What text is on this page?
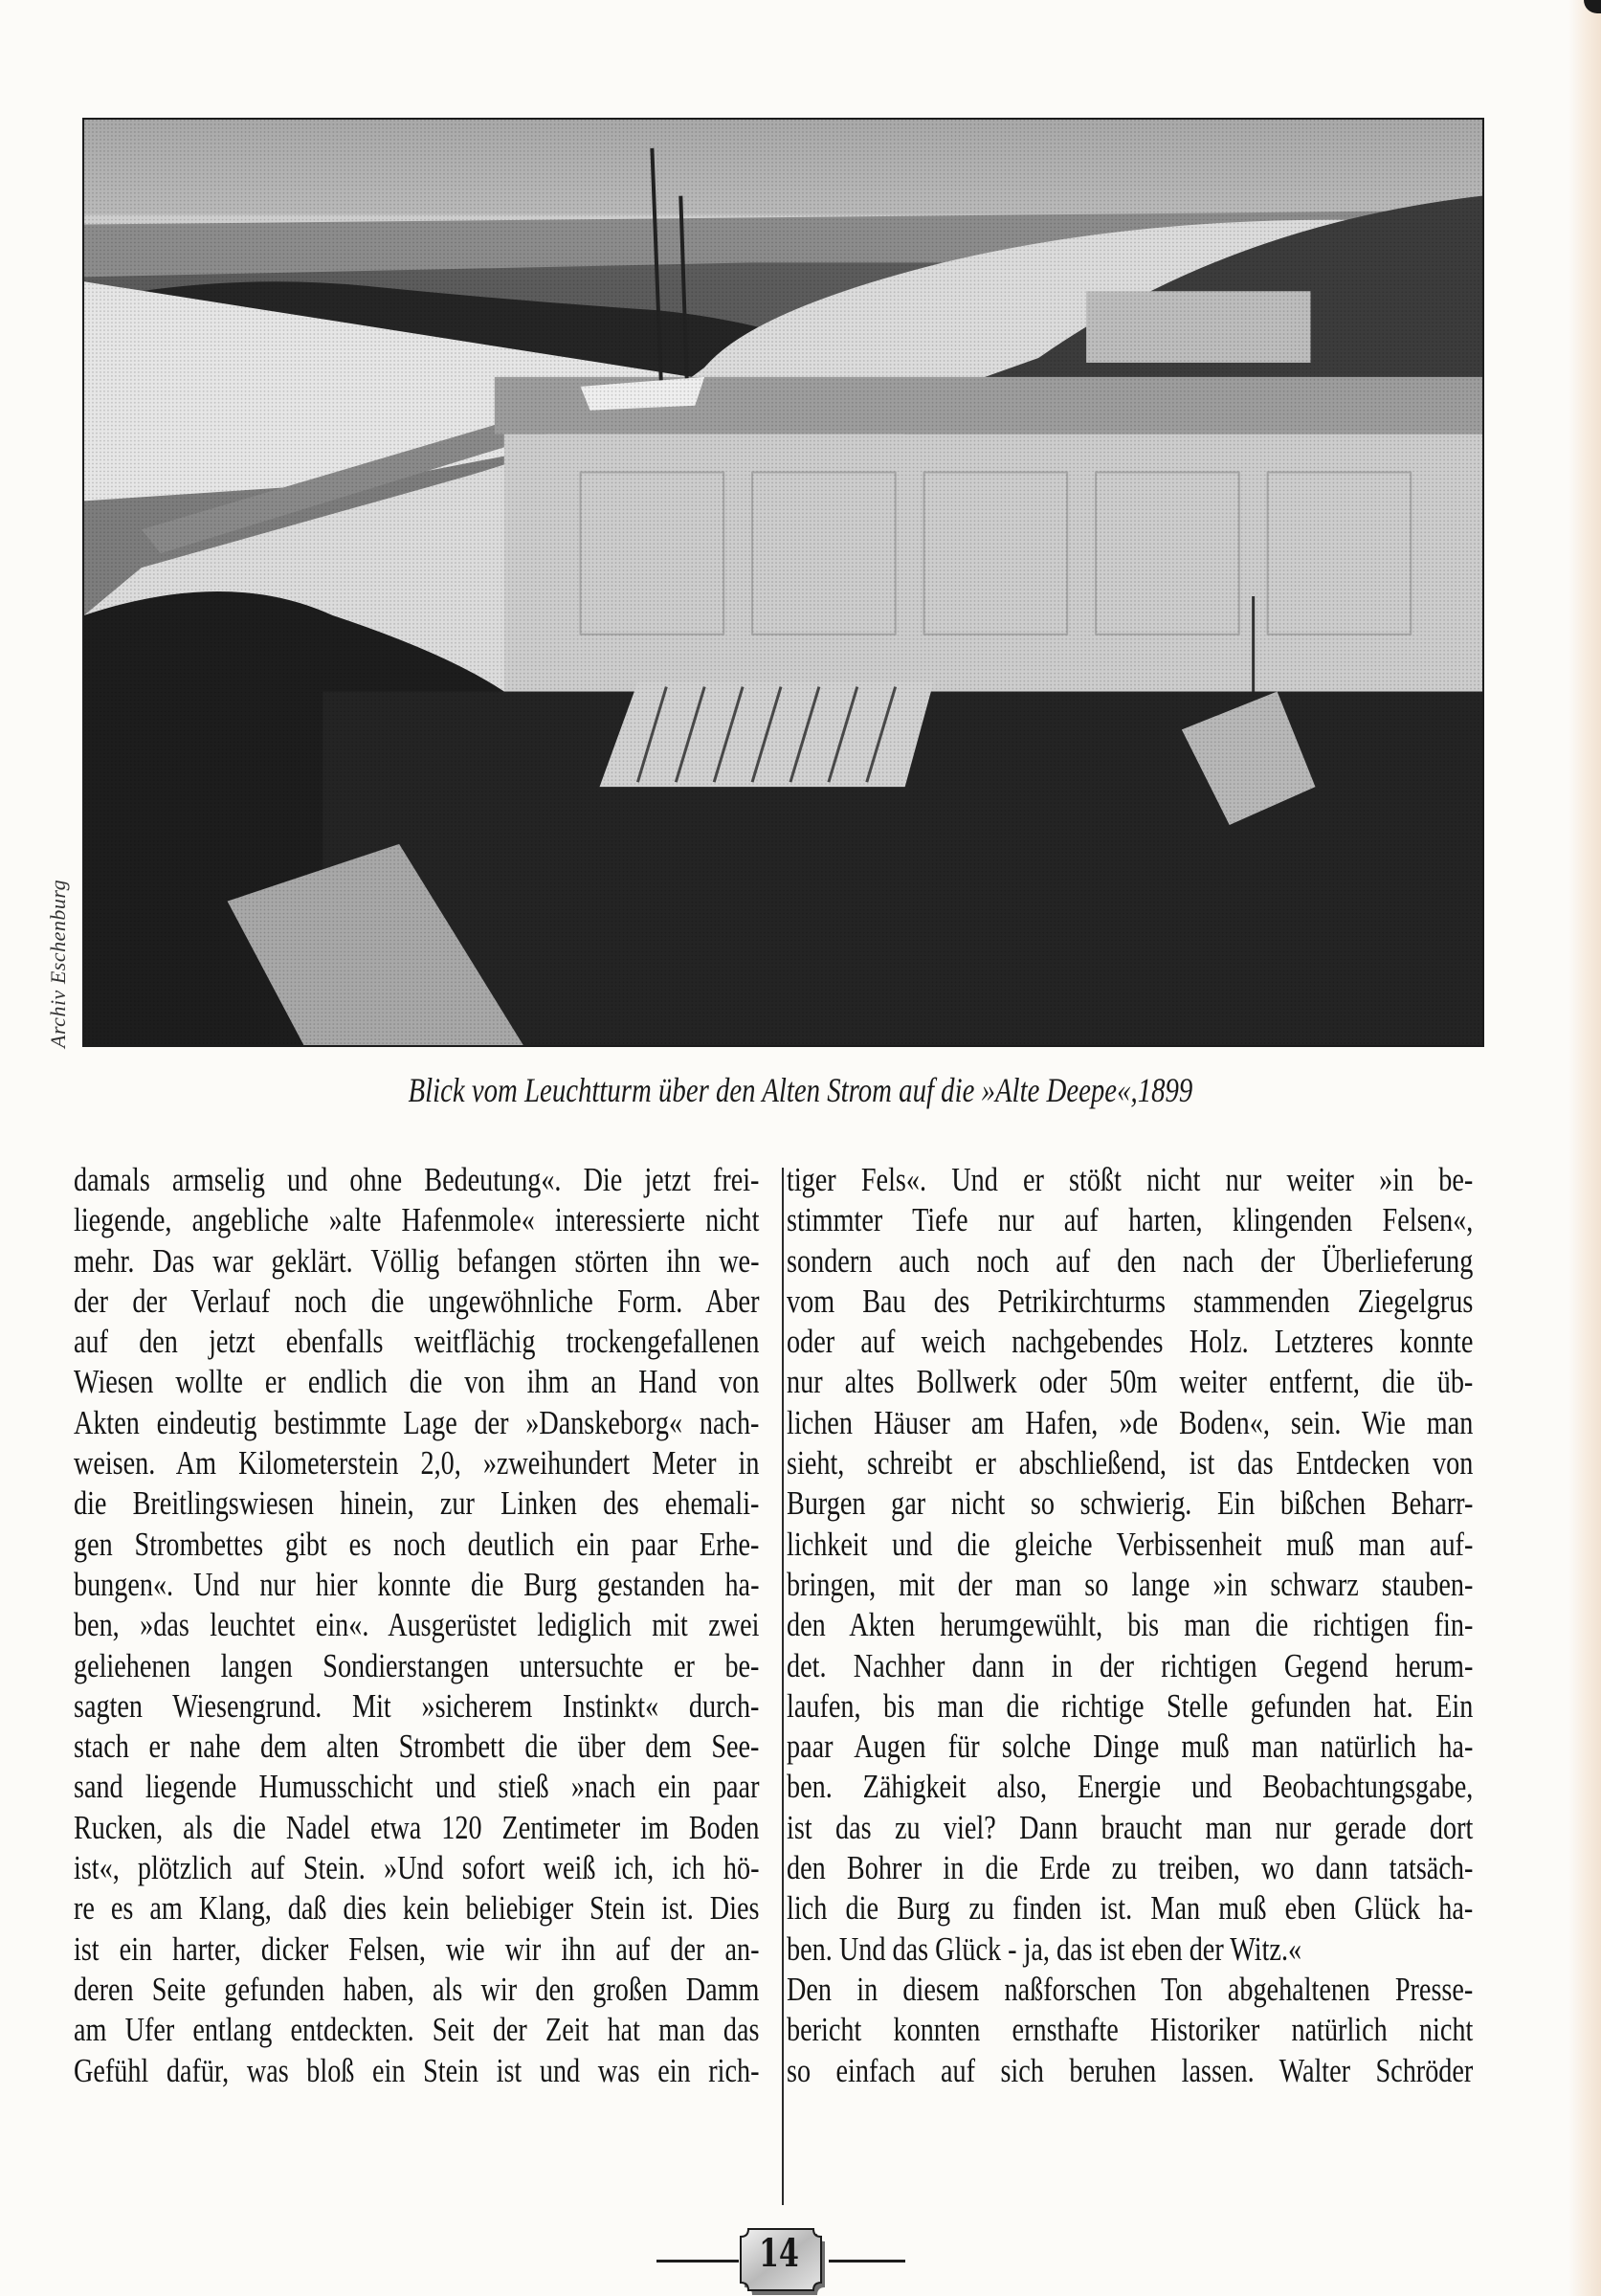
Archiv Eschenburg
Blick vom Leuchtturm über den Alten Strom auf die »Alte Deepe«,1899
damals armselig und ohne Bedeutung«. Die jetzt frei-
liegende, angebliche »alte Hafenmole« interessierte nicht
mehr. Das war geklärt. Völlig befangen störten ihn we-
der der Verlauf noch die ungewöhnliche Form. Aber
auf den jetzt ebenfalls weitflächig trockengefallenen
Wiesen wollte er endlich die von ihm an Hand von
Akten eindeutig bestimmte Lage der »Danskeborg« nach-
weisen. Am Kilometerstein 2,0, »zweihundert Meter in
die Breitlingswiesen hinein, zur Linken des ehemali-
gen Strombettes gibt es noch deutlich ein paar Erhe-
bungen«. Und nur hier konnte die Burg gestanden ha-
ben, »das leuchtet ein«. Ausgerüstet lediglich mit zwei
geliehenen langen Sondierstangen untersuchte er be-
sagten Wiesengrund. Mit »sicherem Instinkt« durch-
stach er nahe dem alten Strombett die über dem See-
sand liegende Humusschicht und stieß »nach ein paar
Rucken, als die Nadel etwa 120 Zentimeter im Boden
ist«, plötzlich auf Stein. »Und sofort weiß ich, ich hö-
re es am Klang, daß dies kein beliebiger Stein ist. Dies
ist ein harter, dicker Felsen, wie wir ihn auf der an-
deren Seite gefunden haben, als wir den großen Damm
am Ufer entlang entdeckten. Seit der Zeit hat man das
Gefühl dafür, was bloß ein Stein ist und was ein rich-
tiger Fels«. Und er stößt nicht nur weiter »in be-
stimmter Tiefe nur auf harten, klingenden Felsen«,
sondern auch noch auf den nach der Überlieferung
vom Bau des Petrikirchturms stammenden Ziegelgrus
oder auf weich nachgebendes Holz. Letzteres konnte
nur altes Bollwerk oder 50m weiter entfernt, die üb-
lichen Häuser am Hafen, »de Boden«, sein. Wie man
sieht, schreibt er abschließend, ist das Entdecken von
Burgen gar nicht so schwierig. Ein bißchen Beharr-
lichkeit und die gleiche Verbissenheit muß man auf-
bringen, mit der man so lange »in schwarz stauben-
den Akten herumgewühlt, bis man die richtigen fin-
det. Nachher dann in der richtigen Gegend herum-
laufen, bis man die richtige Stelle gefunden hat. Ein
paar Augen für solche Dinge muß man natürlich ha-
ben. Zähigkeit also, Energie und Beobachtungsgabe,
ist das zu viel? Dann braucht man nur gerade dort
den Bohrer in die Erde zu treiben, wo dann tatsäch-
lich die Burg zu finden ist. Man muß eben Glück ha-
ben. Und das Glück - ja, das ist eben der Witz.«
Den in diesem naßforschen Ton abgehaltenen Presse-
bericht konnten ernsthafte Historiker natürlich nicht
so einfach auf sich beruhen lassen. Walter Schröder
14
